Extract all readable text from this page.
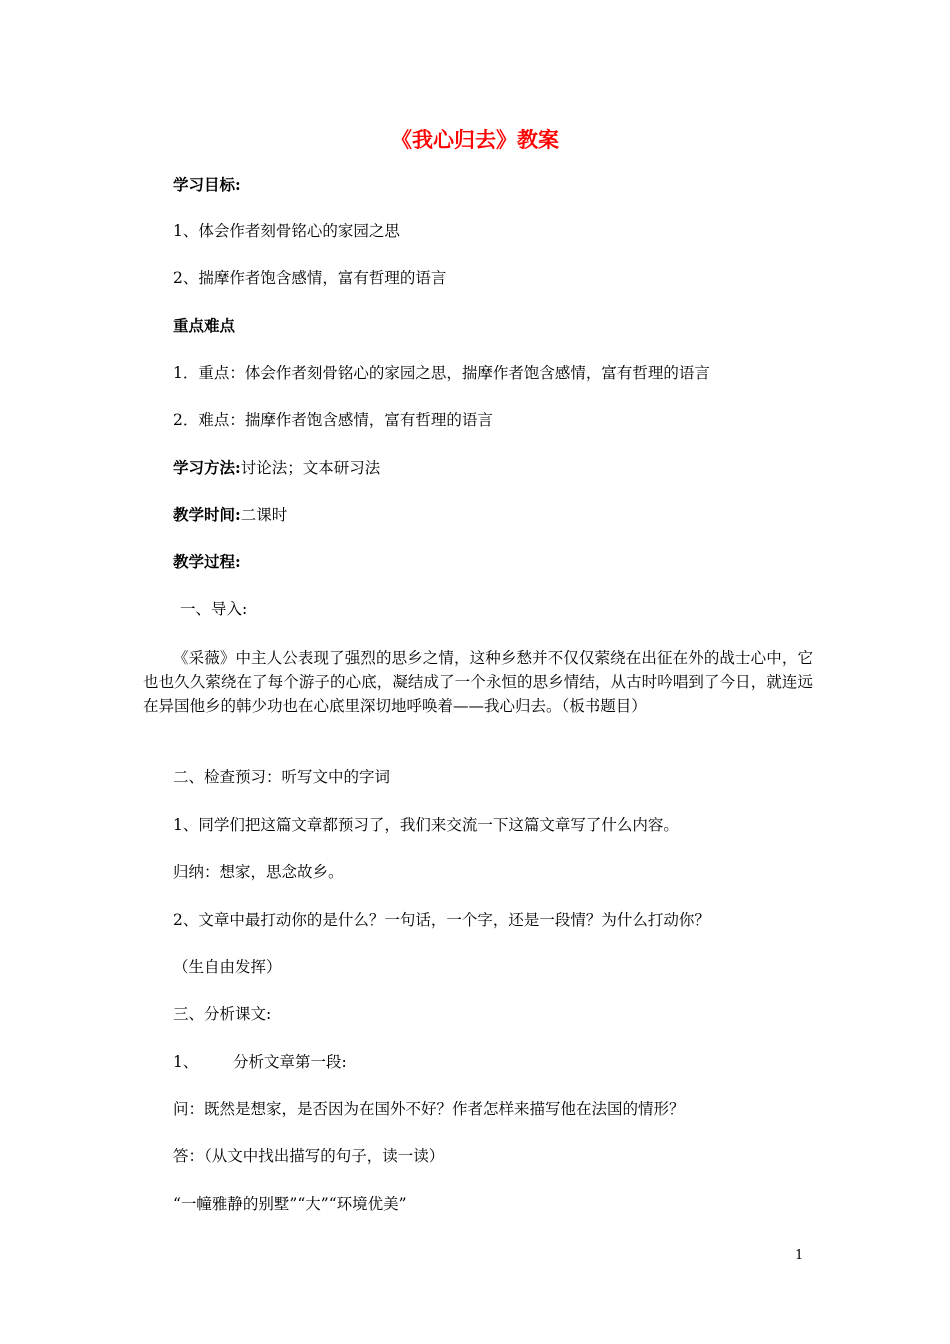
《我心归去》教案
学习目标:
1、体会作者刻骨铭心的家园之思
2、揣摩作者饱含感情，富有哲理的语言
重点难点
1．重点：体会作者刻骨铭心的家园之思，揣摩作者饱含感情，富有哲理的语言
2．难点：揣摩作者饱含感情，富有哲理的语言
学习方法:讨论法；文本研习法
教学时间:二课时
教学过程:
一、导入:

《采薇》中主人公表现了强烈的思乡之情，这种乡愁并不仅仅萦绕在出征在外的战士心中，它也也久久萦绕在了每个游子的心底，凝结成了一个永恒的思乡情结，从古时吟唱到了今日，就连远在异国他乡的韩少功也在心底里深切地呼唤着——我心归去。（板书题目）

二、检查预习：听写文中的字词
1、同学们把这篇文章都预习了，我们来交流一下这篇文章写了什么内容。
归纳：想家，思念故乡。
2、文章中最打动你的是什么？一句话，一个字，还是一段情？为什么打动你？
（生自由发挥）
三、分析课文:
1、 分析文章第一段:
问：既然是想家，是否因为在国外不好？作者怎样来描写他在法国的情形？
答：（从文中找出描写的句子，读一读）
“一幢雅静的别墅”“大”“环境优美”
1
